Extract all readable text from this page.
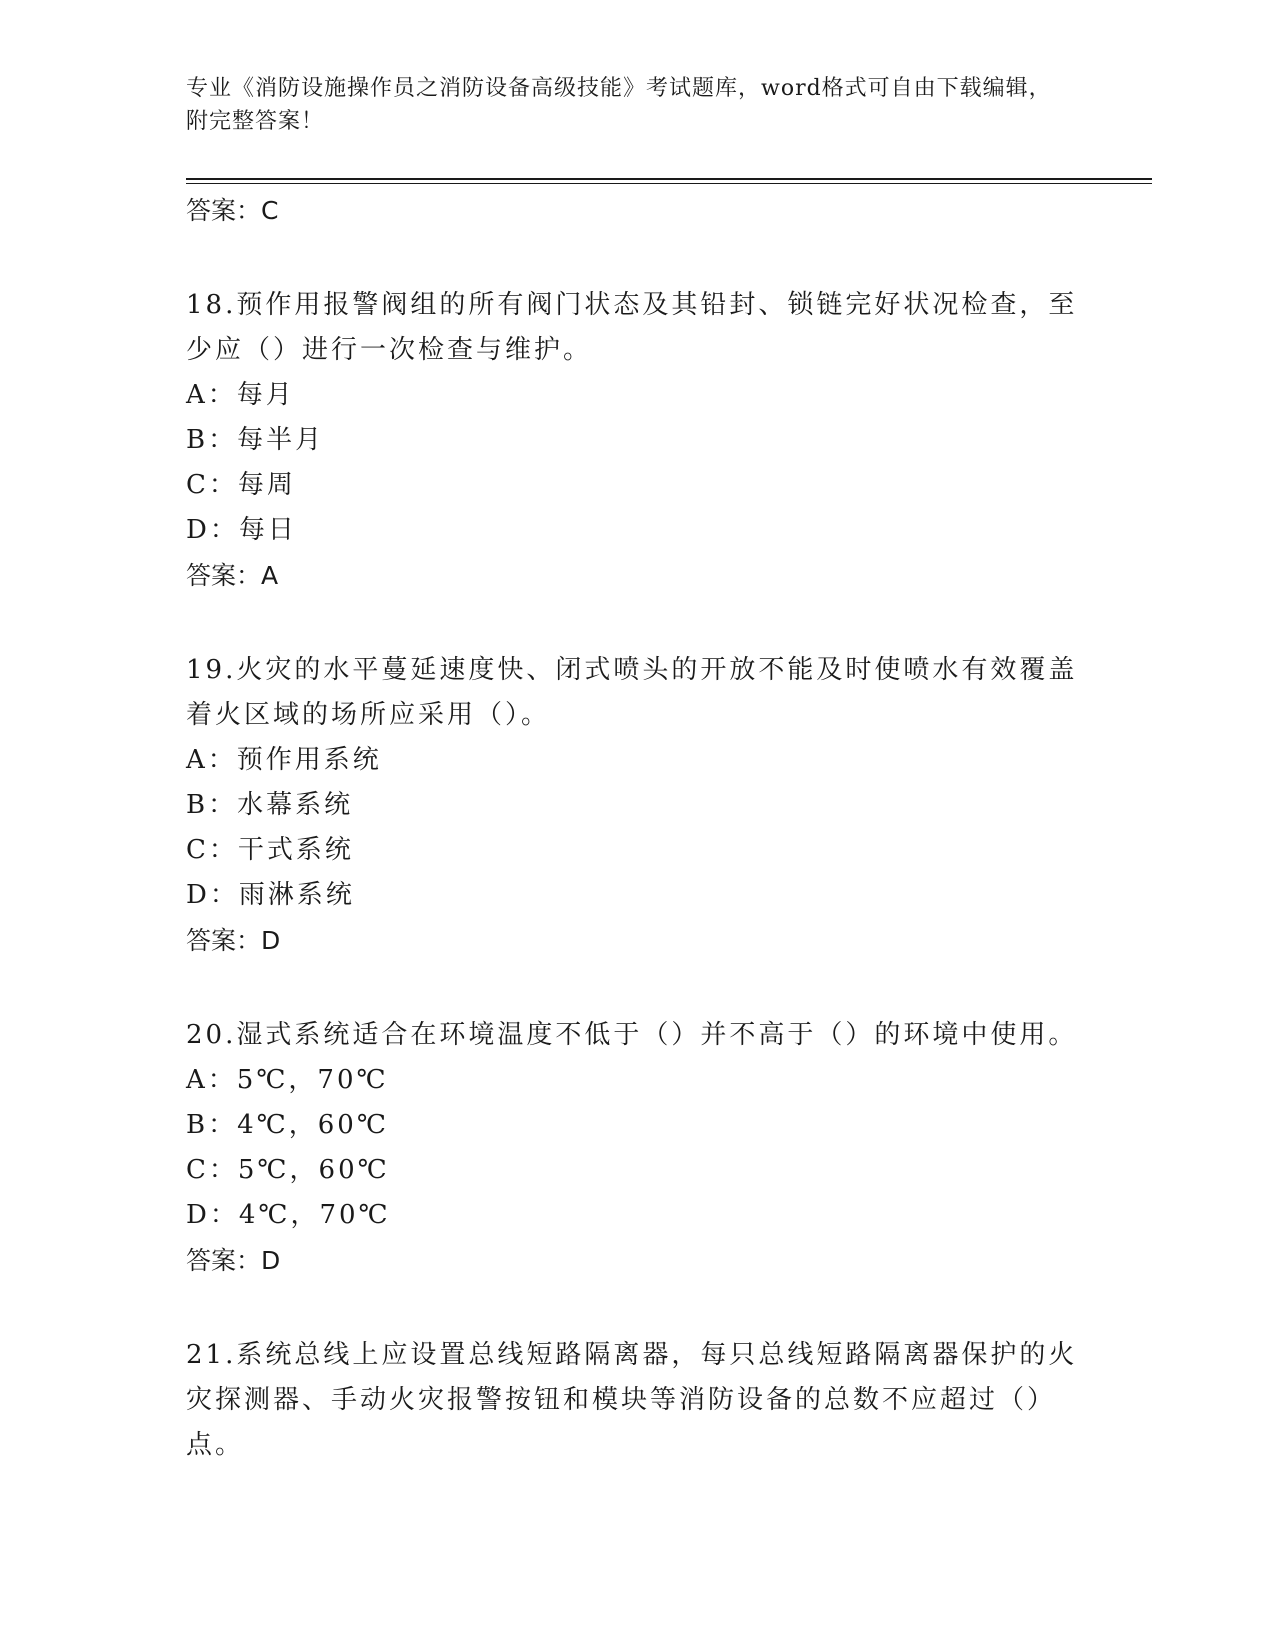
专业《消防设施操作员之消防设备高级技能》考试题库，word格式可自由下载编辑，附完整答案！
答案：C
18.预作用报警阀组的所有阀门状态及其铅封、锁链完好状况检查，至少应（）进行一次检查与维护。
A：每月
B：每半月
C：每周
D：每日
答案：A
19.火灾的水平蔓延速度快、闭式喷头的开放不能及时使喷水有效覆盖着火区域的场所应采用（）。
A：预作用系统
B：水幕系统
C：干式系统
D：雨淋系统
答案：D
20.湿式系统适合在环境温度不低于（）并不高于（）的环境中使用。
A：5℃，70℃
B：4℃，60℃
C：5℃，60℃
D：4℃，70℃
答案：D
21.系统总线上应设置总线短路隔离器，每只总线短路隔离器保护的火灾探测器、手动火灾报警按钮和模块等消防设备的总数不应超过（）点。
